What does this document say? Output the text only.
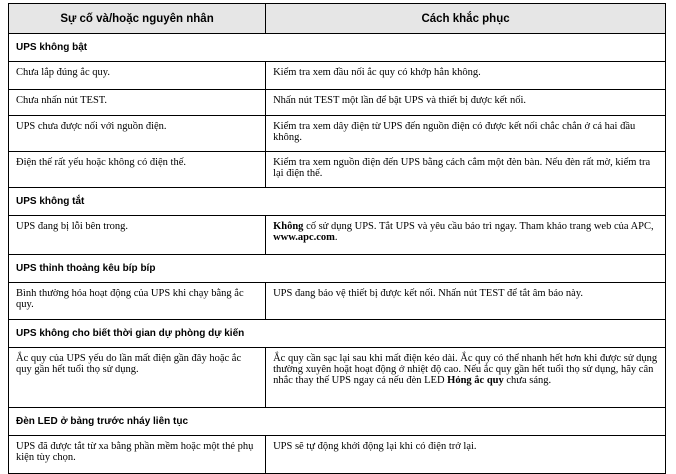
Sự cố và/hoặc nguyên nhân	Cách khắc phục
UPS không bật	
Chưa lắp đúng ắc quy.	Kiểm tra xem đầu nối ắc quy có khớp hẳn không.
Chưa nhấn nút TEST.	Nhấn nút TEST một lần để bật UPS và thiết bị được kết nối.
UPS chưa được nối với nguồn điện.	Kiểm tra xem dây điện từ UPS đến nguồn điện có được kết nối chắc chắn ở cả hai đầu không.
Điện thế rất yếu hoặc không có điện thế.	Kiểm tra xem nguồn điện đến UPS bằng cách cắm một đèn bàn. Nếu đèn rất mờ, kiểm tra lại điện thế.
UPS không tắt	
UPS đang bị lỗi bên trong.	Không cố sử dụng UPS. Tắt UPS và yêu cầu bảo trì ngay. Tham khảo trang web của APC, www.apc.com.
UPS thỉnh thoảng kêu bíp bíp	
Bình thường hóa hoạt động của UPS khi chạy bằng ắc quy.	UPS đang bảo vệ thiết bị được kết nối. Nhấn nút TEST để tắt âm báo này.
UPS không cho biết thời gian dự phòng dự kiến	
Ắc quy của UPS yếu do lần mất điện gần đây hoặc ắc quy gần hết tuổi thọ sử dụng.	Ắc quy cần sạc lại sau khi mất điện kéo dài. Ắc quy có thể nhanh hết hơn khi được sử dụng thường xuyên hoặt hoạt động ở nhiệt độ cao. Nếu ắc quy gần hết tuổi thọ sử dụng, hãy cân nhắc thay thế UPS ngay cả nếu đèn LED Hỏng ắc quy chưa sáng.
Đèn LED ở bảng trước nháy liên tục	
UPS đã được tắt từ xa bằng phần mềm hoặc một thẻ phụ kiện tùy chọn.	UPS sẽ tự động khởi động lại khi có điện trở lại.
